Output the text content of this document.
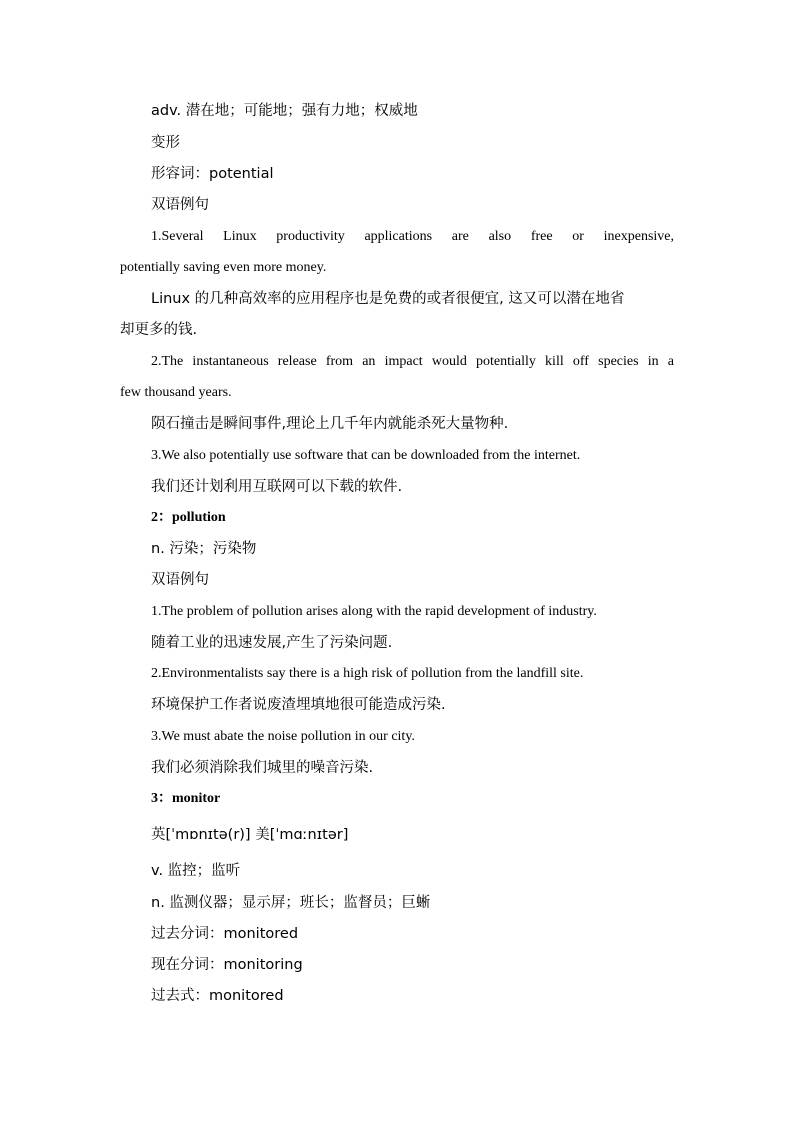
adv. 潜在地；可能地；强有力地；权威地
变形
形容词：potential
双语例句
1.Several Linux productivity applications are also free or inexpensive,
potentially saving even more money.
Linux 的几种高效率的应用程序也是免费的或者很便宜, 这又可以潜在地省
却更多的钱.
2.The instantaneous release from an impact would potentially kill off species in a
few thousand years.
陨石撞击是瞬间事件,理论上几千年内就能杀死大量物种.
3.We also potentially use software that can be downloaded from the internet.
我们还计划利用互联网可以下载的软件.
2：pollution
n. 污染；污染物
双语例句
1.The problem of pollution arises along with the rapid development of industry.
随着工业的迅速发展,产生了污染问题.
2.Environmentalists say there is a high risk of pollution from the landfill site.
环境保护工作者说废渣埋填地很可能造成污染.
3.We must abate the noise pollution in our city.
我们必须消除我们城里的噪音污染.
3：monitor
英[ˈmɒnɪtə(r)] 美[ˈmɑːnɪtər]
v. 监控；监听
n. 监测仪器；显示屏；班长；监督员；巨蜥
过去分词：monitored
现在分词：monitoring
过去式：monitored
